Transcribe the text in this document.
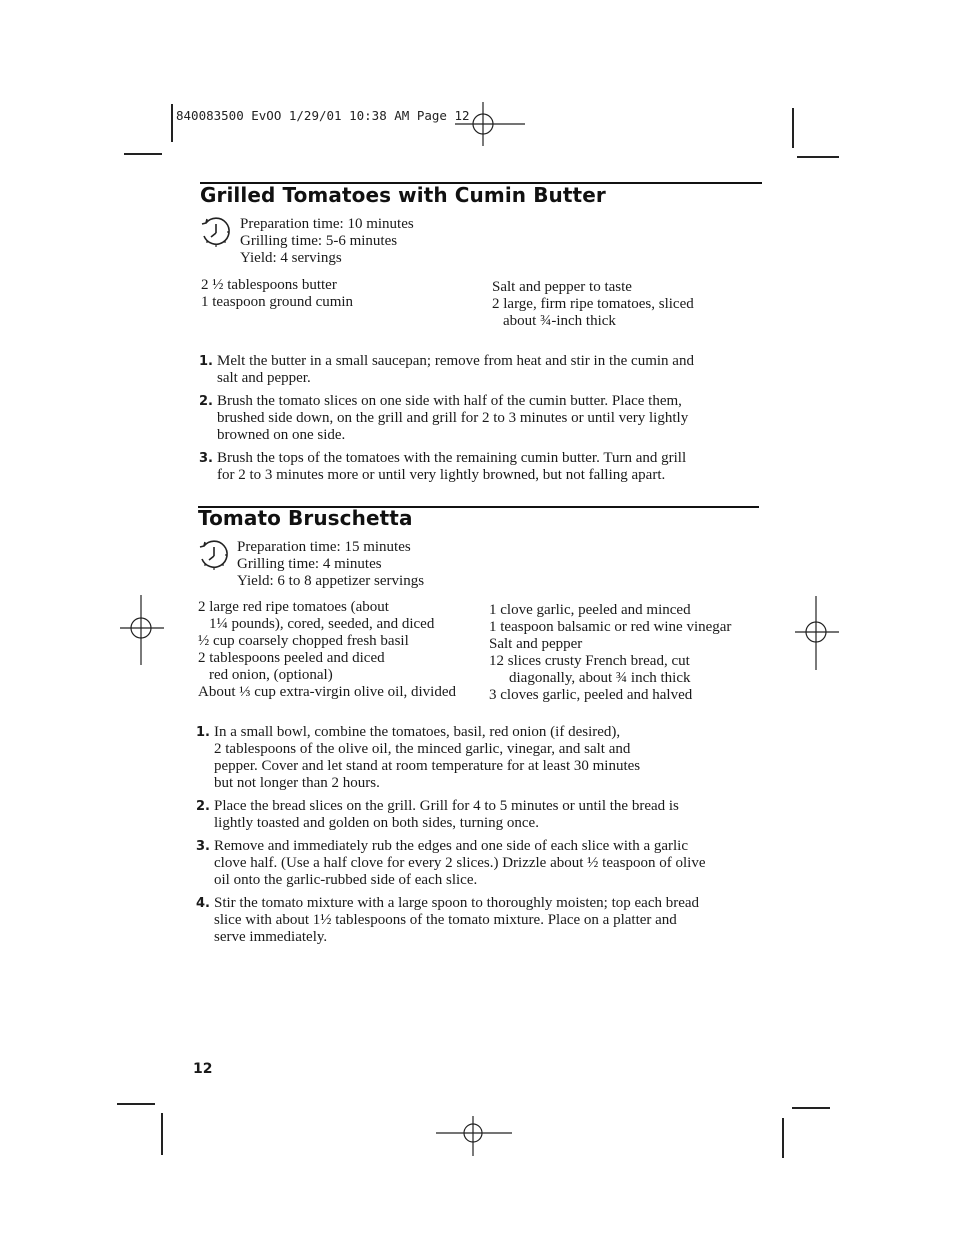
840083500 EvOO 1/29/01 10:38 AM Page 12
Grilled Tomatoes with Cumin Butter
Preparation time: 10 minutes
Grilling time: 5-6 minutes
Yield: 4 servings
2 ½ tablespoons butter
1 teaspoon ground cumin
Salt and pepper to taste
2 large, firm ripe tomatoes, sliced
about ¾-inch thick
1. Melt the butter in a small saucepan; remove from heat and stir in the cumin and
salt and pepper.
2. Brush the tomato slices on one side with half of the cumin butter. Place them,
brushed side down, on the grill and grill for 2 to 3 minutes or until very lightly
browned on one side.
3. Brush the tops of the tomatoes with the remaining cumin butter. Turn and grill
for 2 to 3 minutes more or until very lightly browned, but not falling apart.
Tomato Bruschetta
Preparation time: 15 minutes
Grilling time: 4 minutes
Yield: 6 to 8 appetizer servings
2 large red ripe tomatoes (about
1¼ pounds), cored, seeded, and diced
½ cup coarsely chopped fresh basil
2 tablespoons peeled and diced
red onion, (optional)
About ⅓ cup extra-virgin olive oil, divided
1 clove garlic, peeled and minced
1 teaspoon balsamic or red wine vinegar
Salt and pepper
12 slices crusty French bread, cut
diagonally, about ¾ inch thick
3 cloves garlic, peeled and halved
1. In a small bowl, combine the tomatoes, basil, red onion (if desired),
2 tablespoons of the olive oil, the minced garlic, vinegar, and salt and
pepper. Cover and let stand at room temperature for at least 30 minutes
but not longer than 2 hours.
2. Place the bread slices on the grill. Grill for 4 to 5 minutes or until the bread is
lightly toasted and golden on both sides, turning once.
3. Remove and immediately rub the edges and one side of each slice with a garlic
clove half. (Use a half clove for every 2 slices.) Drizzle about ½ teaspoon of olive
oil onto the garlic-rubbed side of each slice.
4. Stir the tomato mixture with a large spoon to thoroughly moisten; top each bread
slice with about 1½ tablespoons of the tomato mixture. Place on a platter and
serve immediately.
12
